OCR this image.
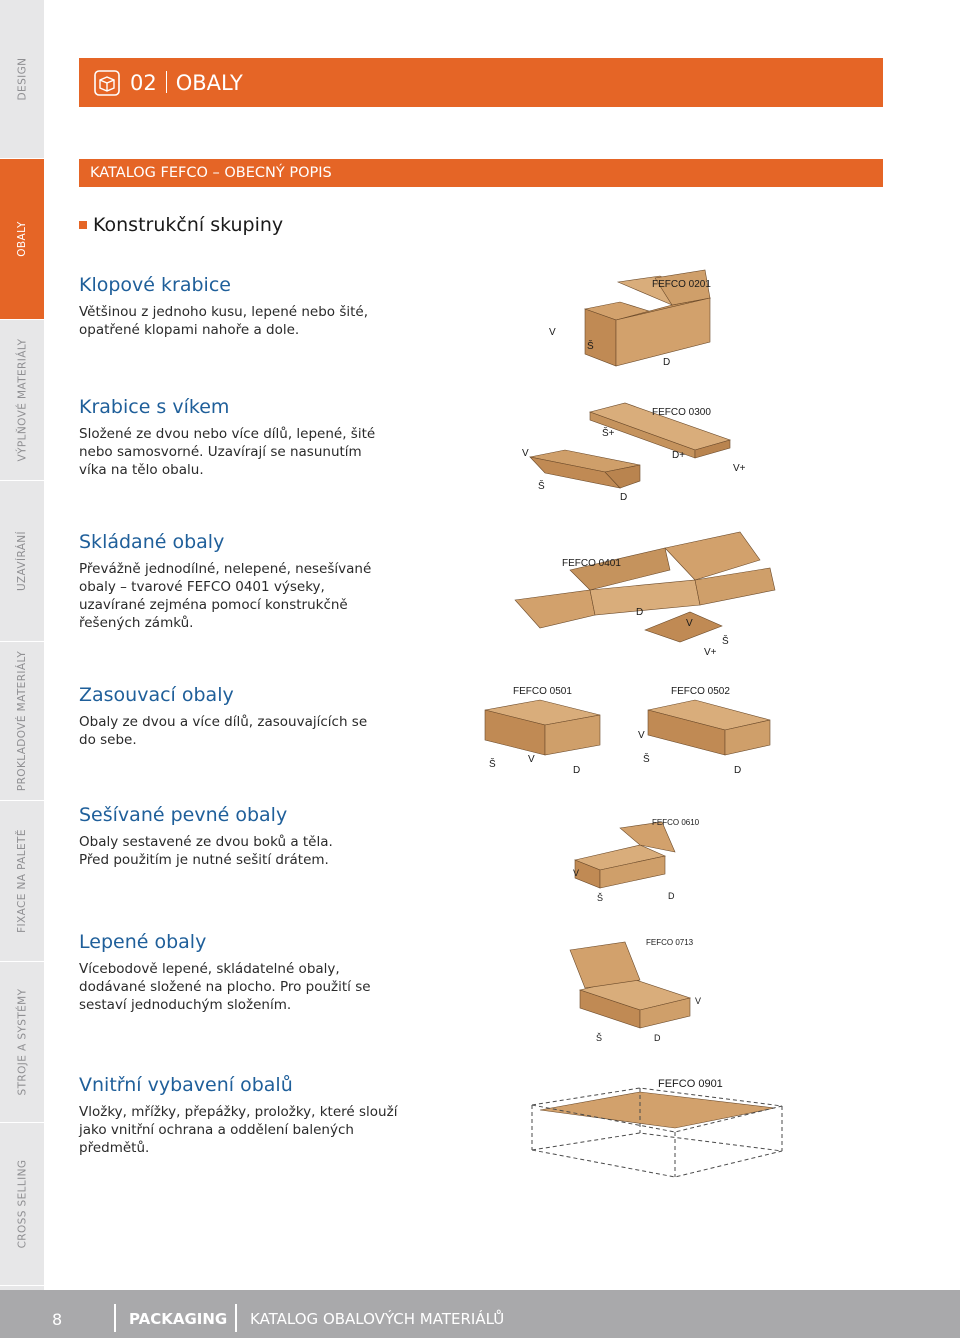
DESIGN
OBALY
VÝPLŇOVÉ MATERIÁLY
UZAVÍRÁNÍ
PROKLADOVÉ MATERIÁLY
FIXACE NA PALETĚ
STROJE A SYSTÉMY
CROSS SELLING
02 OBALY
KATALOG FEFCO – OBECNÝ POPIS
Konstrukční skupiny
Klopové krabice

Většinou z jednoho kusu, lepené nebo šité, opatřené klopami nahoře a dole.

Krabice s víkem

Složené ze dvou nebo více dílů, lepené, šité nebo samosvorné. Uzavírají se nasunutím víka na tělo obalu.

Skládané obaly

Převážně jednodílné, nelepené, nesešívané obaly – tvarové FEFCO 0401 výseky, uzavírané zejména pomocí konstrukčně řešených zámků.

Zasouvací obaly

Obaly ze dvou a více dílů, zasouvajících se do sebe.

Sešívané pevné obaly

Obaly sestavené ze dvou boků a těla. Před použitím je nutné sešití drátem.

Lepené obaly

Vícebodově lepené, skládatelné obaly, dodávané složené na plocho. Pro použití se sestaví jednoduchým složením.

Vnitřní vybavení obalů

Vložky, mřížky, přepážky, proložky, které slouží jako vnitřní ochrana a oddělení balených předmětů.

FEFCO 0201
V
Š
D
FEFCO 0300
Š+
D+
V+
V
Š
D
FEFCO 0401
D
V
V+
Š
FEFCO 0501
Š	V
D
FEFCO 0502
V
Š
D
FEFCO 0610
V
Š	D
FEFCO 0713
V
Š	D
FEFCO 0901
8	PACKAGING KATALOG OBALOVÝCH MATERIÁLŮ
